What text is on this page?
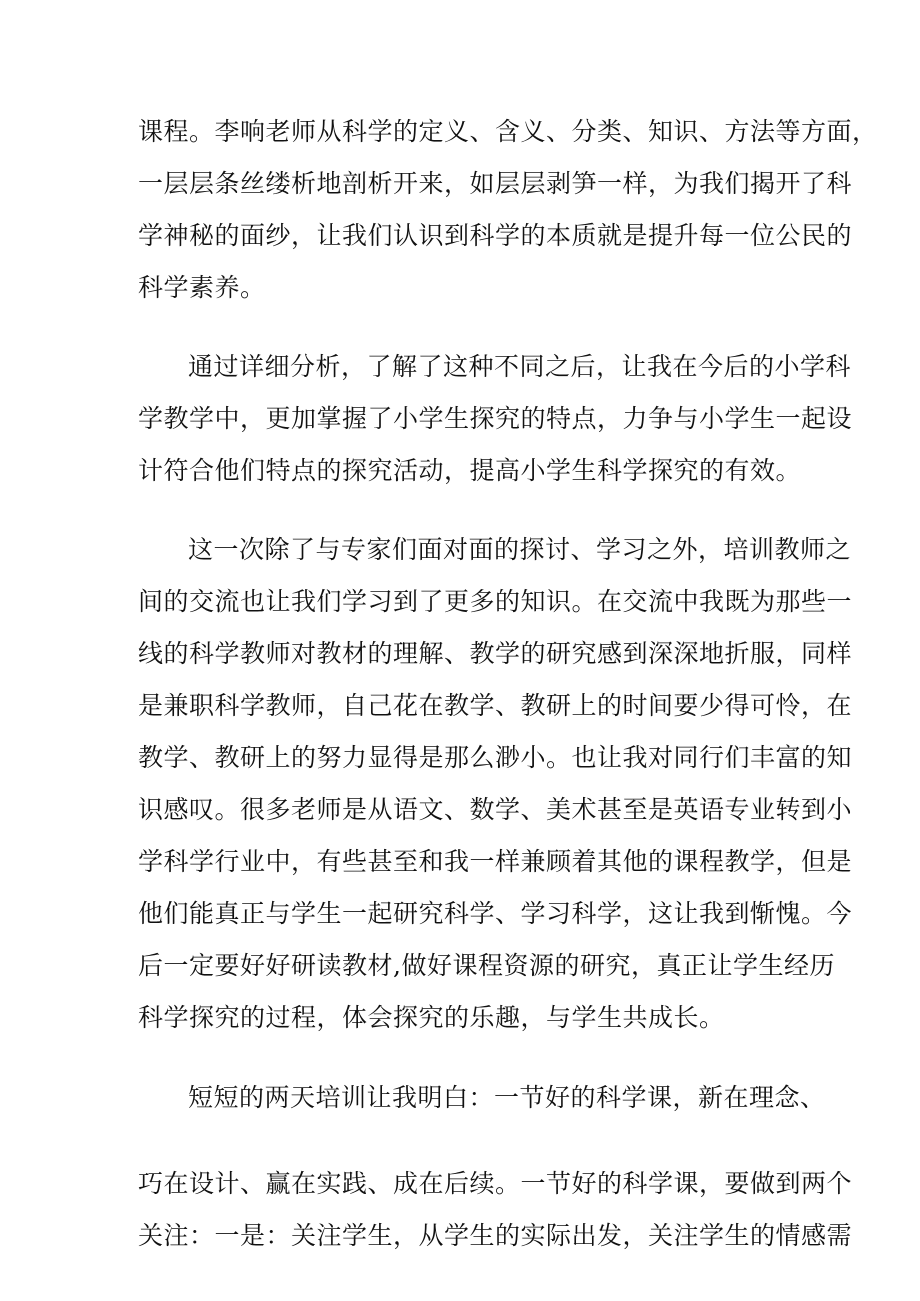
课程。李响老师从科学的定义、含义、分类、知识、方法等方面，
一层层条丝缕析地剖析开来，如层层剥笋一样，为我们揭开了科
学神秘的面纱，让我们认识到科学的本质就是提升每一位公民的
科学素养。
通过详细分析，了解了这种不同之后，让我在今后的小学科
学教学中，更加掌握了小学生探究的特点，力争与小学生一起设
计符合他们特点的探究活动，提高小学生科学探究的有效。
这一次除了与专家们面对面的探讨、学习之外，培训教师之
间的交流也让我们学习到了更多的知识。在交流中我既为那些一
线的科学教师对教材的理解、教学的研究感到深深地折服，同样
是兼职科学教师，自己花在教学、教研上的时间要少得可怜，在
教学、教研上的努力显得是那么渺小。也让我对同行们丰富的知
识感叹。很多老师是从语文、数学、美术甚至是英语专业转到小
学科学行业中，有些甚至和我一样兼顾着其他的课程教学，但是
他们能真正与学生一起研究科学、学习科学，这让我到惭愧。今
后一定要好好研读教材,做好课程资源的研究，真正让学生经历
科学探究的过程，体会探究的乐趣，与学生共成长。
短短的两天培训让我明白：一节好的科学课，新在理念、
巧在设计、赢在实践、成在后续。一节好的科学课，要做到两个
关注：一是：关注学生，从学生的实际出发，关注学生的情感需
